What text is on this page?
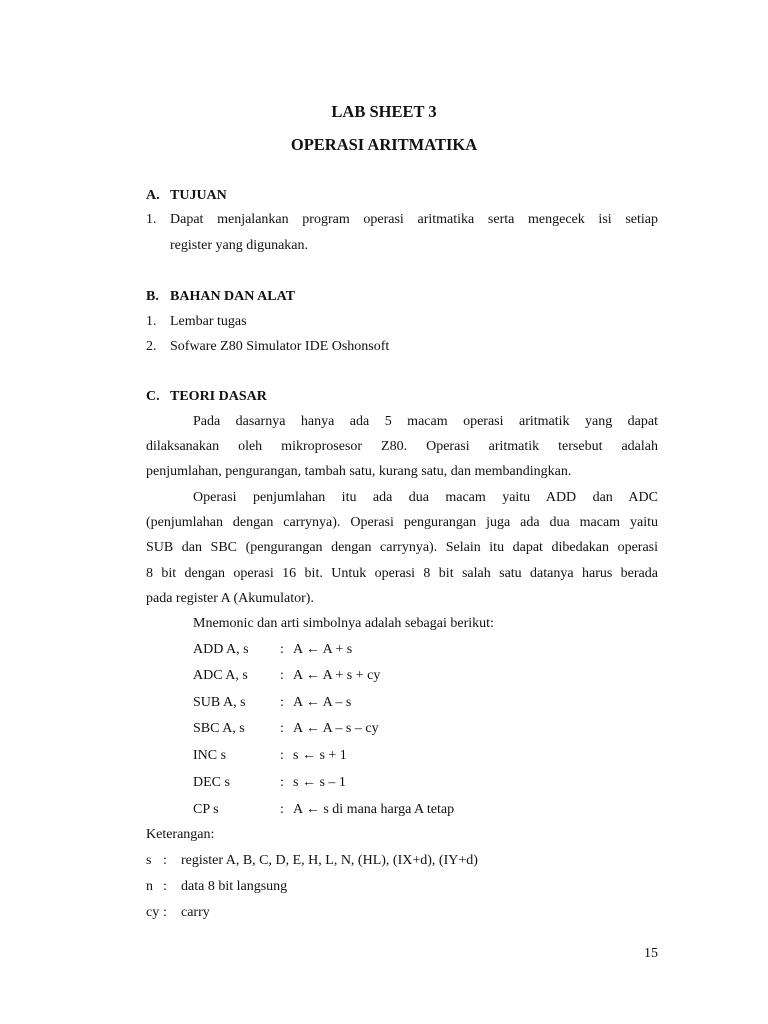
LAB SHEET 3
OPERASI ARITMATIKA
A. TUJUAN
1. Dapat menjalankan program operasi aritmatika serta mengecek isi setiap
register yang digunakan.
B. BAHAN DAN ALAT
1. Lembar tugas
2. Sofware Z80 Simulator IDE Oshonsoft
C. TEORI DASAR
Pada dasarnya hanya ada 5 macam operasi aritmatik yang dapat
dilaksanakan oleh mikroprosesor Z80. Operasi aritmatik tersebut adalah
penjumlahan, pengurangan, tambah satu, kurang satu, dan membandingkan.
Operasi penjumlahan itu ada dua macam yaitu ADD dan ADC
(penjumlahan dengan carrynya). Operasi pengurangan juga ada dua macam yaitu
SUB dan SBC (pengurangan dengan carrynya). Selain itu dapat dibedakan operasi
8 bit dengan operasi 16 bit. Untuk operasi 8 bit salah satu datanya harus berada
pada register A (Akumulator).
Mnemonic dan arti simbolnya adalah sebagai berikut:
ADD A, s : A ← A + s
ADC A, s : A ← A + s + cy
SUB A, s : A ← A – s
SBC A, s	: A ← A – s – cy
INC s	: s ← s + 1
DEC s	: s ← s – 1
CP s	: A ← s di mana harga A tetap
Keterangan:
s : register A, B, C, D, E, H, L, N, (HL), (IX+d), (IY+d)
n : data 8 bit langsung
cy : carry
15
